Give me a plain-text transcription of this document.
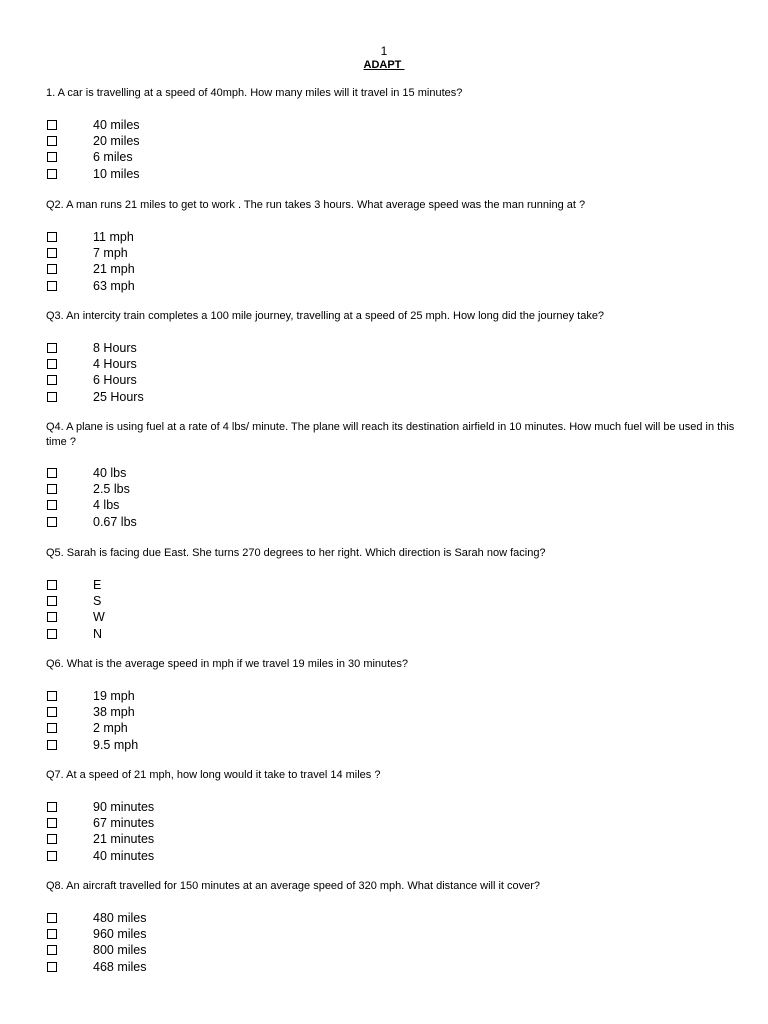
1
ADAPT
1. A car is travelling at a speed of 40mph. How many miles will it travel in 15 minutes?
40 miles
20 miles
6 miles
10 miles
Q2. A man runs 21 miles to get to work . The run takes 3 hours. What average speed was the man running at ?
11 mph
7 mph
21 mph
63 mph
Q3. An intercity train completes a 100 mile journey, travelling at a speed of 25 mph. How long did the journey take?
8 Hours
4 Hours
6 Hours
25 Hours
Q4. A plane is using fuel at a rate of 4 lbs/ minute. The plane will reach its destination airfield in 10 minutes. How much fuel will be used in this time ?
40 lbs
2.5 lbs
4 lbs
0.67 lbs
Q5. Sarah is facing due East. She turns 270 degrees to her right. Which direction is Sarah now facing?
E
S
W
N
Q6. What is the average speed in mph if we travel 19 miles in 30 minutes?
19 mph
38 mph
2 mph
9.5 mph
Q7. At a speed of 21 mph, how long would it take to travel 14 miles ?
90 minutes
67 minutes
21 minutes
40 minutes
Q8. An aircraft travelled for 150 minutes at an average speed of 320 mph. What distance will it cover?
480 miles
960 miles
800 miles
468 miles
